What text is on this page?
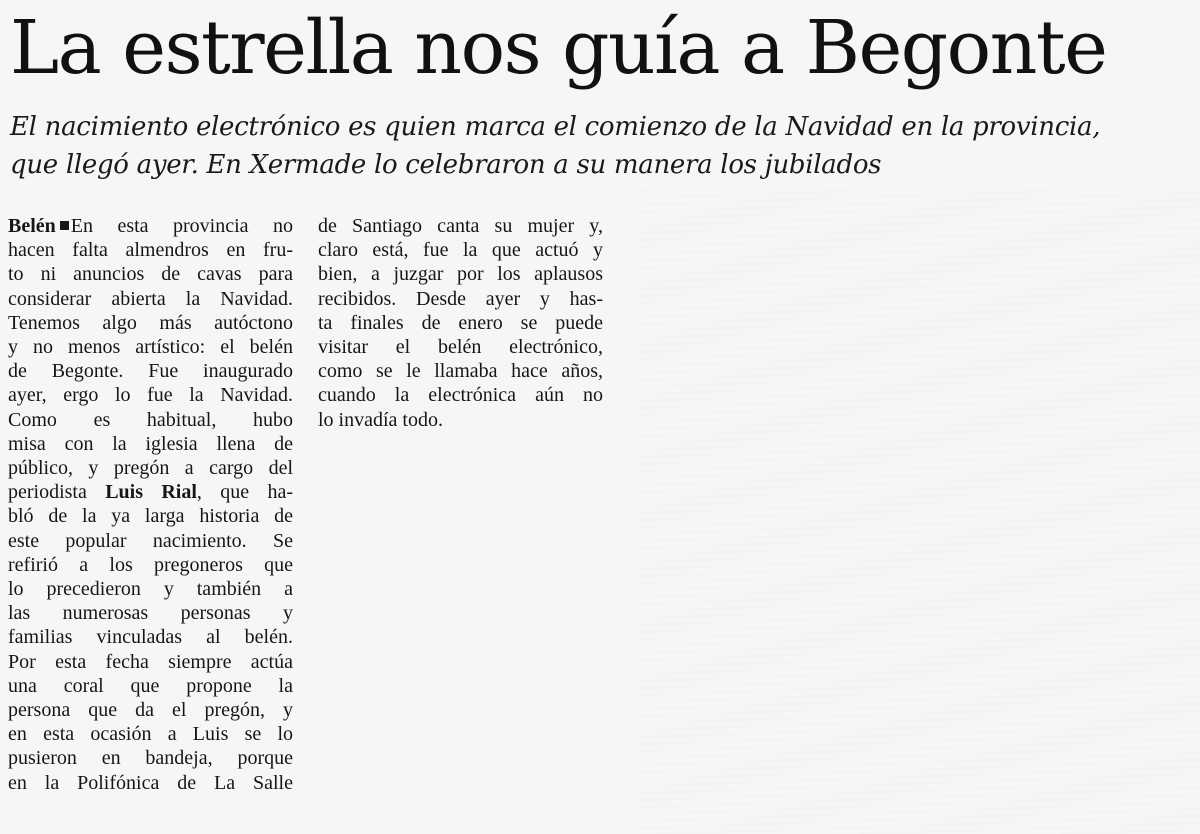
La estrella nos guía a Begonte
El nacimiento electrónico es quien marca el comienzo de la Navidad en la provincia,
que llegó ayer. En Xermade lo celebraron a su manera los jubilados
Belén En esta provincia no
hacen falta almendros en fru-
to ni anuncios de cavas para
considerar abierta la Navidad.
Tenemos algo más autóctono
y no menos artístico: el belén
de Begonte. Fue inaugurado
ayer, ergo lo fue la Navidad.
Como es habitual, hubo
misa con la iglesia llena de
público, y pregón a cargo del
periodista Luis Rial, que ha-
bló de la ya larga historia de
este popular nacimiento. Se
refirió a los pregoneros que
lo precedieron y también a
las numerosas personas y
familias vinculadas al belén.
Por esta fecha siempre actúa
una coral que propone la
persona que da el pregón, y
en esta ocasión a Luis se lo
pusieron en bandeja, porque
en la Polifónica de La Salle
de Santiago canta su mujer y,
claro está, fue la que actuó y
bien, a juzgar por los aplausos
recibidos. Desde ayer y has-
ta finales de enero se puede
visitar el belén electrónico,
como se le llamaba hace años,
cuando la electrónica aún no
lo invadía todo.
